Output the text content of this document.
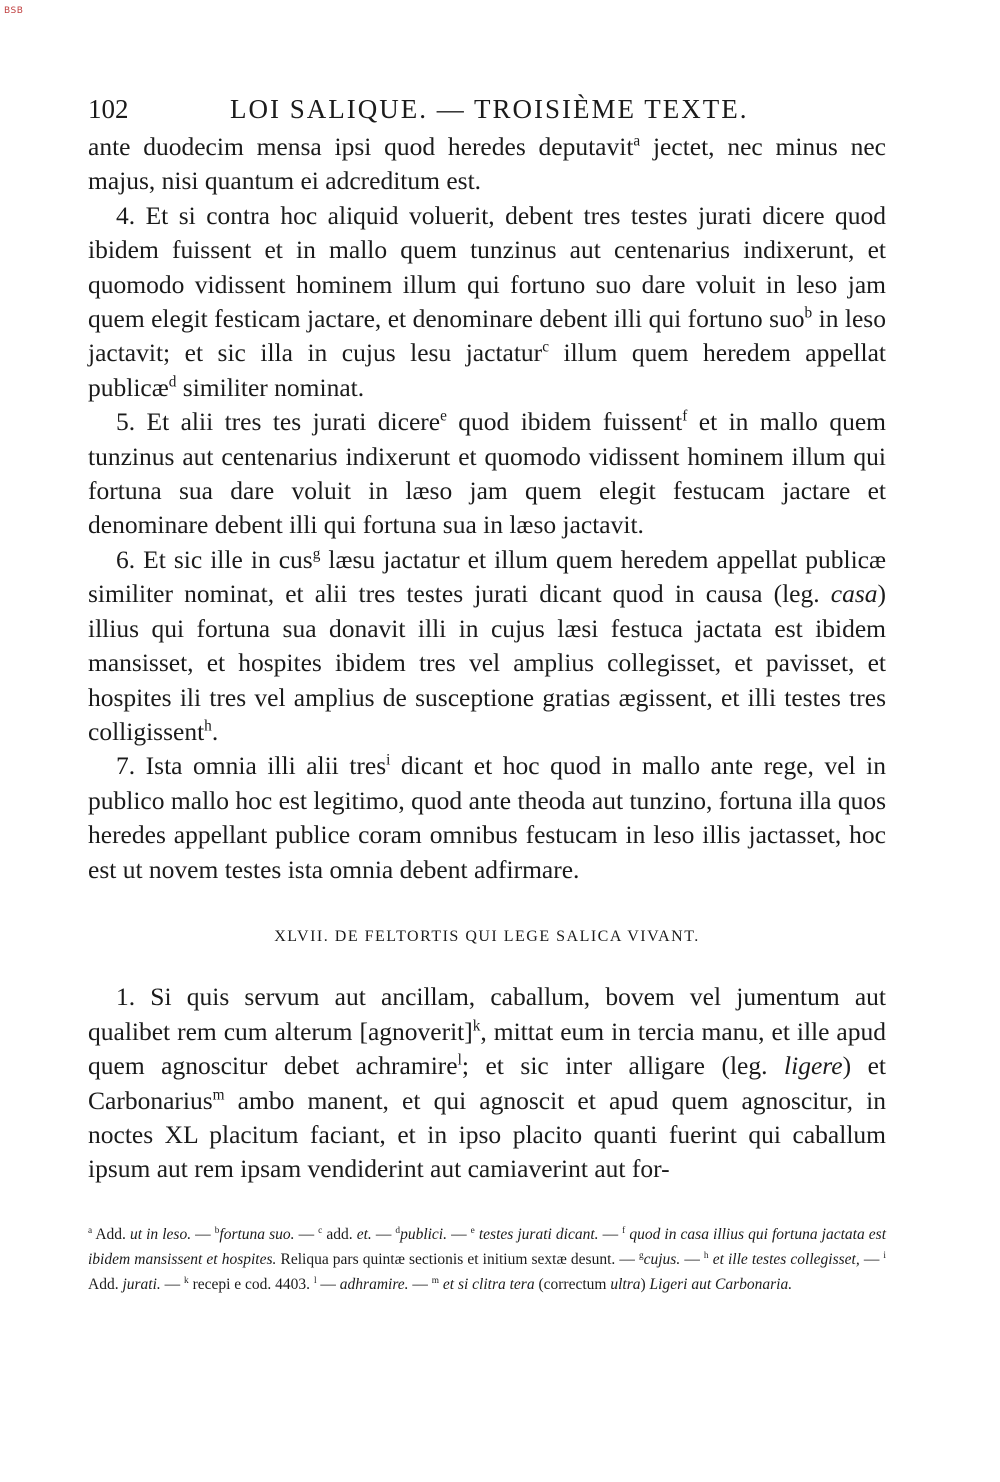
BSB
102	LOI SALIQUE. — TROISIÈME TEXTE.

ante duodecim mensa ipsi quod heredes deputavit$^a$ jectet, nec minus nec majus, nisi quantum ei adcreditum est.

4. Et si contra hoc aliquid voluerit, debent tres testes jurati dicere quod ibidem fuissent et in mallo quem tunzinus aut centenarius indixerunt, et quomodo vidissent hominem illum qui fortuno suo dare voluit in leso jam quem elegit festicam jactare, et denominare debent illi qui fortuno suo$^b$ in leso jactavit; et sic illa in cujus lesu jactatur$^c$ illum quem heredem appellat publicæ$^d$ similiter nominat.

5. Et alii tres tes jurati dicere$^e$ quod ibidem fuissent$^f$ et in mallo quem tunzinus aut centenarius indixerunt et quomodo vidissent hominem illum qui fortuna sua dare voluit in læso jam quem elegit festucam jactare et denominare debent illi qui fortuna sua in læso jactavit.

6. Et sic ille in cus$^g$ læsu jactatur et illum quem heredem appellat publicæ similiter nominat, et alii tres testes jurati dicant quod in causa (leg. casa) illius qui fortuna sua donavit illi in cujus læsi festuca jactata est ibidem mansisset, et hospites ibidem tres vel amplius collegisset, et pavisset, et hospites ili tres vel amplius de susceptione gratias ægissent, et illi testes tres colligissent$^h$.

7. Ista omnia illi alii tres$^i$ dicant et hoc quod in mallo ante rege, vel in publico mallo hoc est legitimo, quod ante theoda aut tunzino, fortuna illa quos heredes appellant publice coram omnibus festucam in leso illis jactasset, hoc est ut novem testes ista omnia debent adfirmare.

XLVII. DE FELTORTIS QUI LEGE SALICA VIVANT.

1. Si quis servum aut ancillam, caballum, bovem vel jumentum aut qualibet rem cum alterum [agnoverit]$^k$, mittat eum in tercia manu, et ille apud quem agnoscitur debet achramire$^l$; et sic inter alligare (leg. ligere) et Carbonarius$^m$ ambo manent, et qui agnoscit et apud quem agnoscitur, in noctes XL placitum faciant, et in ipso placito quanti fuerint qui caballum ipsum aut rem ipsam vendiderint aut camiaverint aut for-

$^a$ Add. ut in leso. — $^b$fortuna suo. — $^c$ add. et. — $^d$publici. — $^e$ testes jurati dicant. — $^f$ quod in casa illius qui fortuna jactata est ibidem mansissent et hospites. Reliqua pars quintæ sectionis et initium sextæ desunt. — $^g$cujus. — $^h$ et ille testes collegisset, — $^i$ Add. jurati. — $^k$ recepi e cod. 4403. $^l$ — adhramire. — $^m$ et si clitra tera (correctum ultra) Ligeri aut Carbonaria.
